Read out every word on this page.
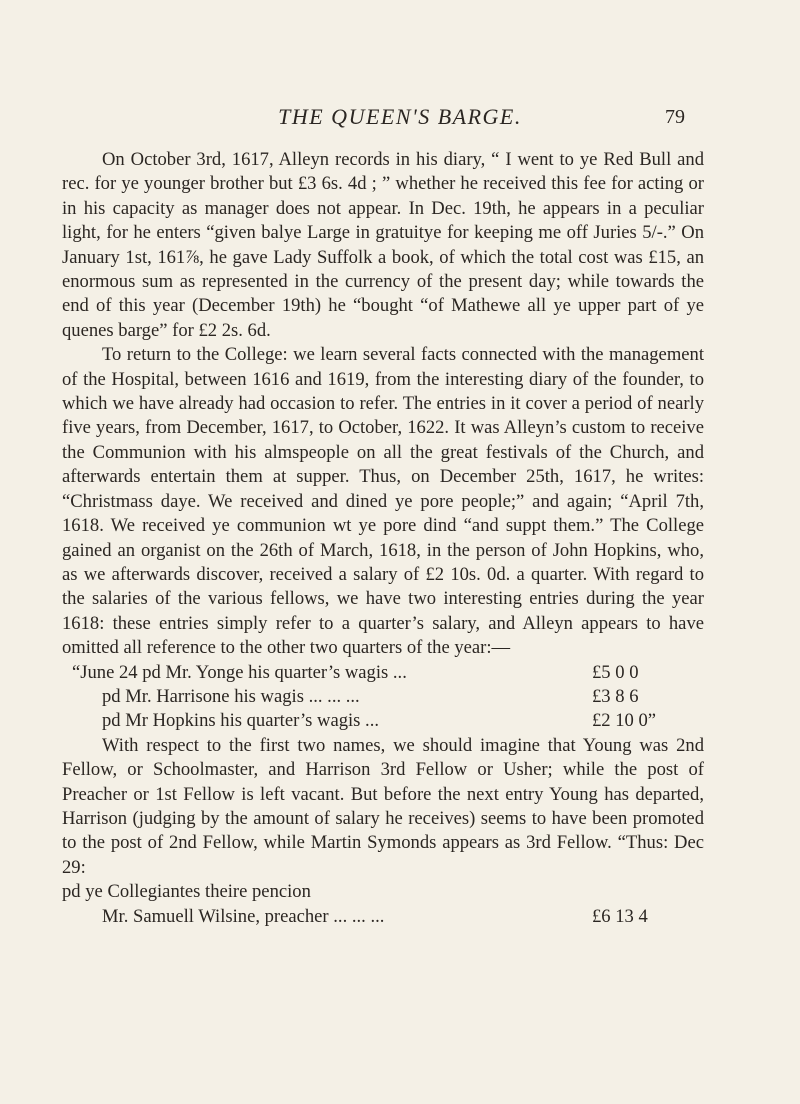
THE QUEEN'S BARGE.	79

On October 3rd, 1617, Alleyn records in his diary, “ I went to ye Red Bull and rec. for ye younger brother but £3 6s. 4d ; ” whether he received this fee for acting or in his capacity as manager does not appear. In Dec. 19th, he appears in a peculiar light, for he enters “given balye Large in gratuitye for keeping me off Juries 5/-.” On January 1st, 161⅞, he gave Lady Suffolk a book, of which the total cost was £15, an enormous sum as represented in the currency of the present day; while towards the end of this year (December 19th) he “bought “of Mathewe all ye upper part of ye quenes barge” for £2 2s. 6d.

To return to the College: we learn several facts connected with the management of the Hospital, between 1616 and 1619, from the interesting diary of the founder, to which we have already had occasion to refer. The entries in it cover a period of nearly five years, from December, 1617, to October, 1622. It was Alleyn’s custom to receive the Communion with his almspeople on all the great festivals of the Church, and afterwards entertain them at supper. Thus, on December 25th, 1617, he writes: “Christmass daye. We received and dined ye pore people;” and again; “April 7th, 1618. We received ye communion wt ye pore dind “and suppt them.” The College gained an organist on the 26th of March, 1618, in the person of John Hopkins, who, as we afterwards discover, received a salary of £2 10s. 0d. a quarter. With regard to the salaries of the various fellows, we have two interesting entries during the year 1618: these entries simply refer to a quarter’s salary, and Alleyn appears to have omitted all reference to the other two quarters of the year:—

“June 24 pd Mr. Yonge his quarter’s wagis ...	£5 0 0
pd Mr. Harrisone his wagis ... ... ...	£3 8 6
pd Mr Hopkins his quarter’s wagis ...	£2 10 0”

With respect to the first two names, we should imagine that Young was 2nd Fellow, or Schoolmaster, and Harrison 3rd Fellow or Usher; while the post of Preacher or 1st Fellow is left vacant. But before the next entry Young has departed, Harrison (judging by the amount of salary he receives) seems to have been promoted to the post of 2nd Fellow, while Martin Symonds appears as 3rd Fellow. “Thus: Dec 29:

pd ye Collegiantes theire pencion
Mr. Samuell Wilsine, preacher ... ... ...	£6 13 4
